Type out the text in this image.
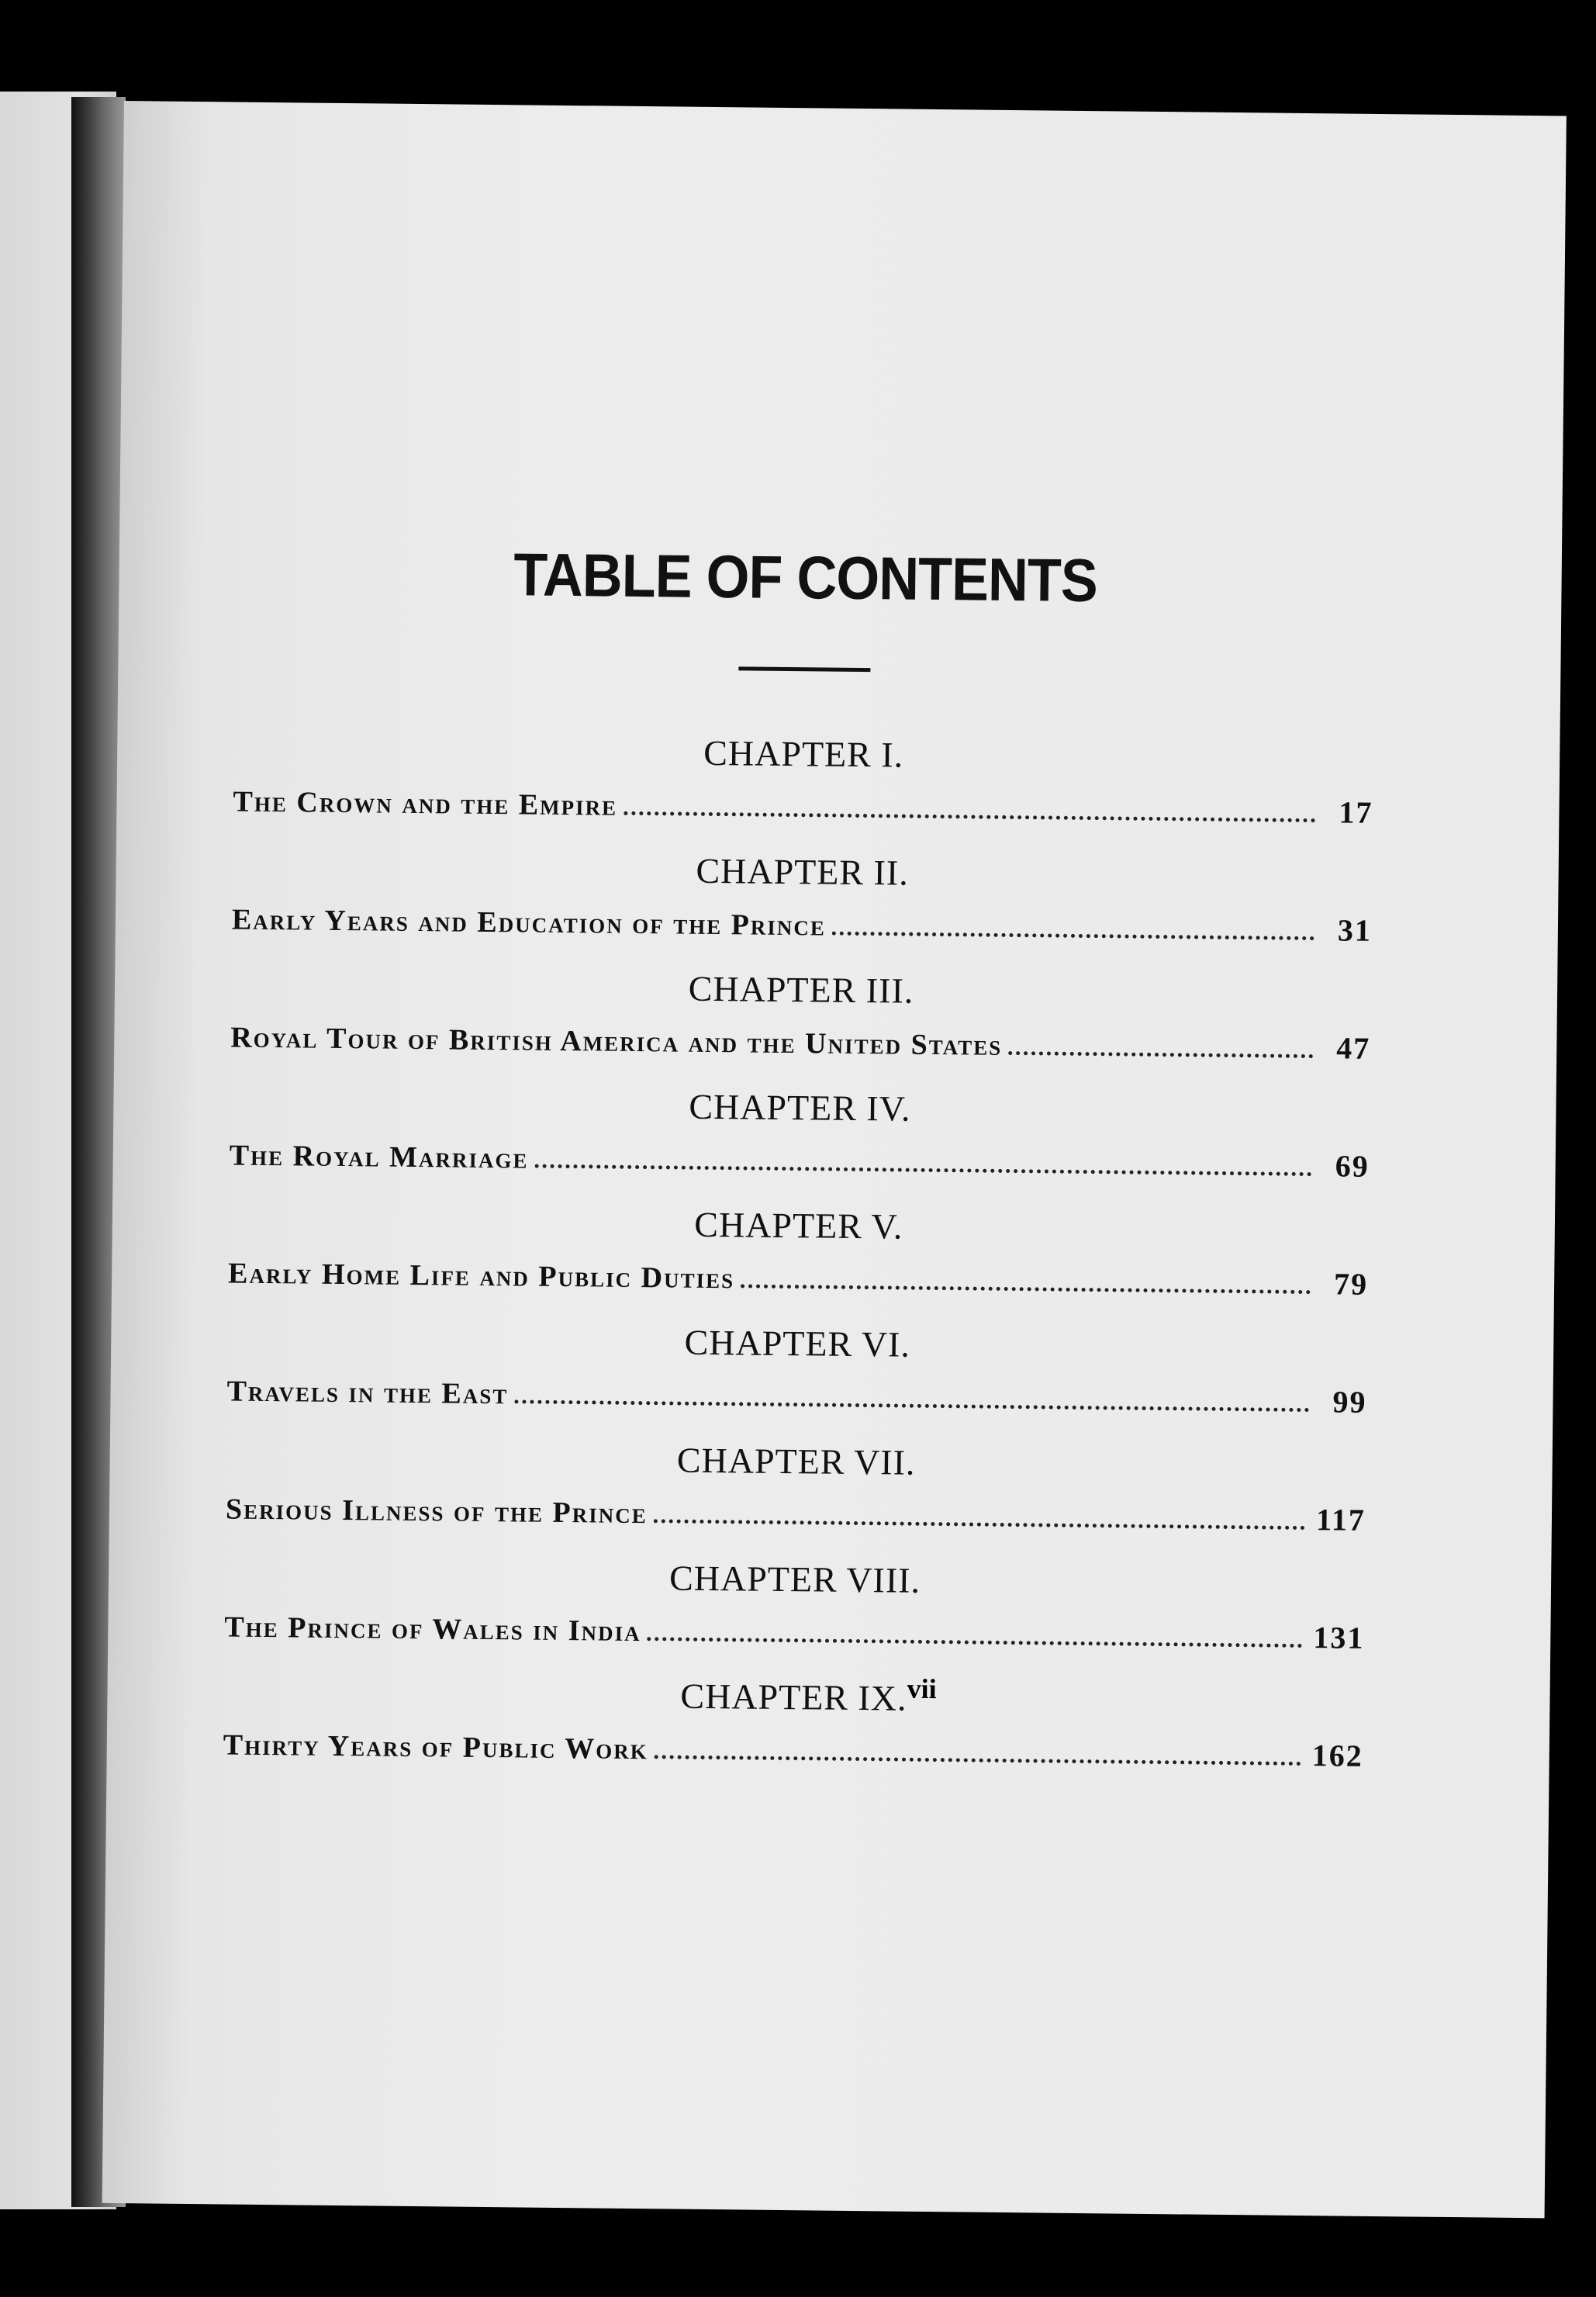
TABLE OF CONTENTS
CHAPTER I.
The Crown and the Empire	17
CHAPTER II.
Early Years and Education of the Prince	31
CHAPTER III.
Royal Tour of British America and the United States	47
CHAPTER IV.
The Royal Marriage	69
CHAPTER V.
Early Home Life and Public Duties	79
CHAPTER VI.
Travels in the East	99
CHAPTER VII.
Serious Illness of the Prince	117
CHAPTER VIII.
The Prince of Wales in India	131
CHAPTER IX.
Thirty Years of Public Work	162
vii
